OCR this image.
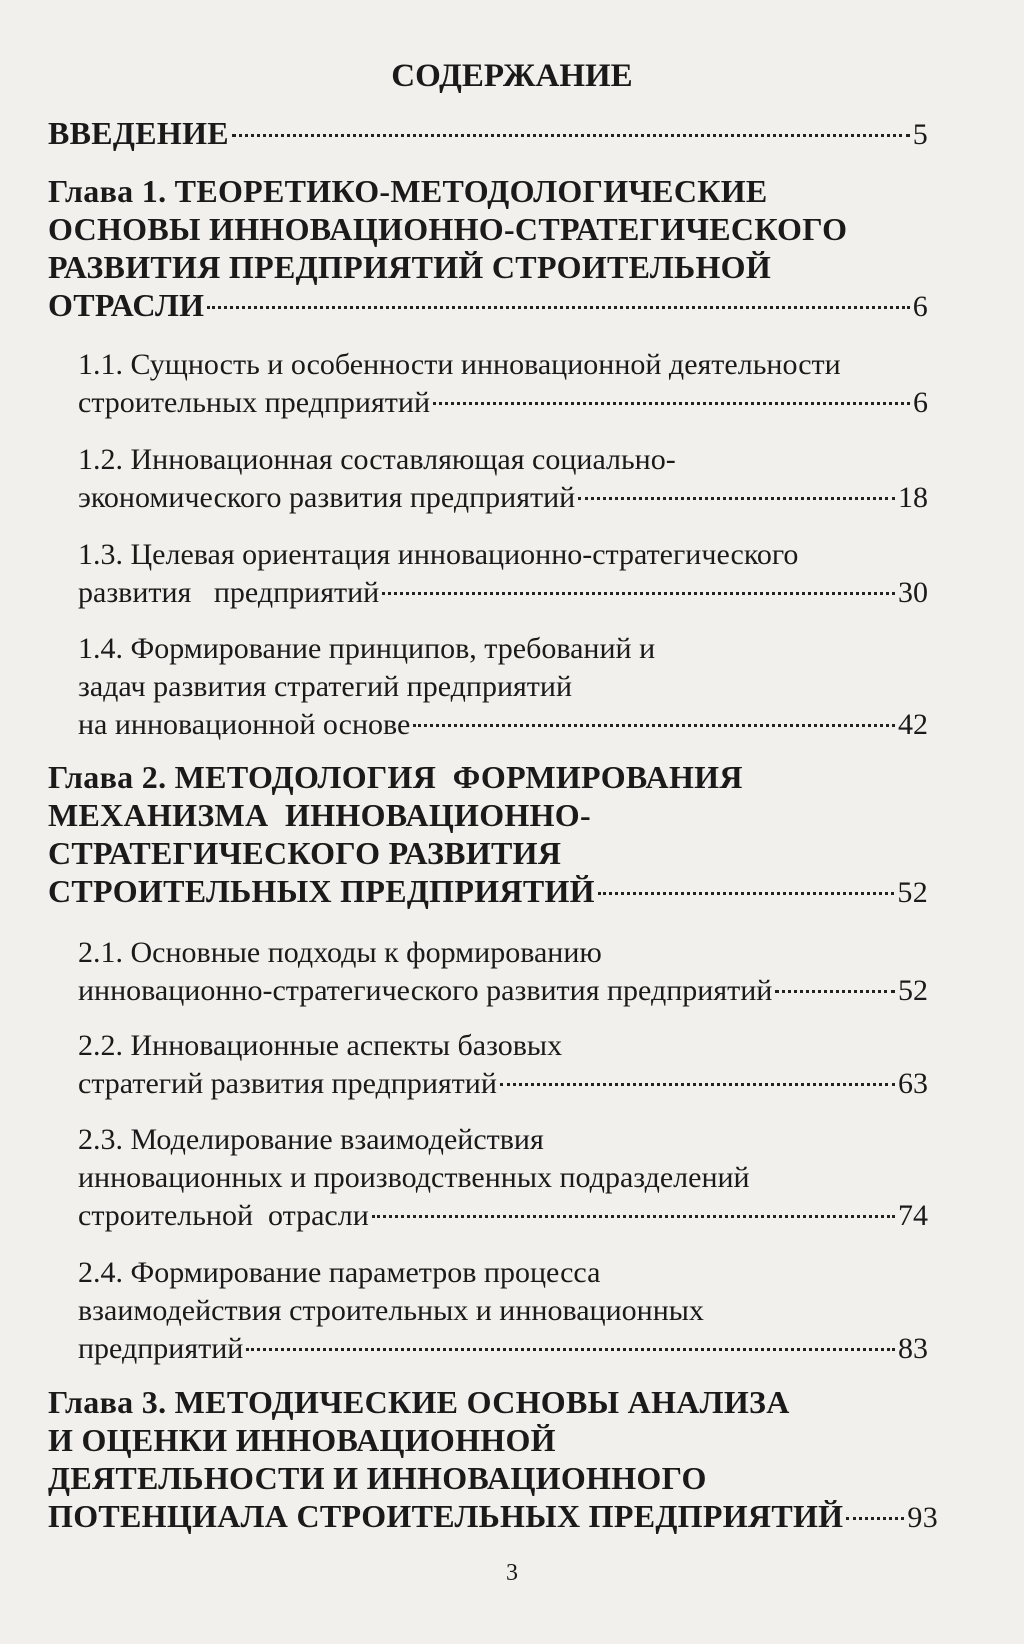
СОДЕРЖАНИЕ
ВВЕДЕНИЕ	5
Глава 1. ТЕОРЕТИКО-МЕТОДОЛОГИЧЕСКИЕ
ОСНОВЫ ИННОВАЦИОННО-СТРАТЕГИЧЕСКОГО
РАЗВИТИЯ ПРЕДПРИЯТИЙ СТРОИТЕЛЬНОЙ
ОТРАСЛИ	6
1.1. Сущность и особенности инновационной деятельности
строительных предприятий	6
1.2. Инновационная составляющая социально-
экономического развития предприятий	18
1.3. Целевая ориентация инновационно-стратегического
развития   предприятий	30
1.4. Формирование принципов, требований и
задач развития стратегий предприятий
на инновационной основе	42
Глава 2. МЕТОДОЛОГИЯ  ФОРМИРОВАНИЯ
МЕХАНИЗМА  ИННОВАЦИОННО-
СТРАТЕГИЧЕСКОГО РАЗВИТИЯ
СТРОИТЕЛЬНЫХ ПРЕДПРИЯТИЙ	52
2.1. Основные подходы к формированию
инновационно-стратегического развития предприятий	52
2.2. Инновационные аспекты базовых
стратегий развития предприятий	63
2.3. Моделирование взаимодействия
инновационных и производственных подразделений
строительной  отрасли	74
2.4. Формирование параметров процесса
взаимодействия строительных и инновационных
предприятий	83
Глава 3. МЕТОДИЧЕСКИЕ ОСНОВЫ АНАЛИЗА
И ОЦЕНКИ ИННОВАЦИОННОЙ
ДЕЯТЕЛЬНОСТИ И ИННОВАЦИОННОГО
ПОТЕНЦИАЛА СТРОИТЕЛЬНЫХ ПРЕДПРИЯТИЙ 93
3
